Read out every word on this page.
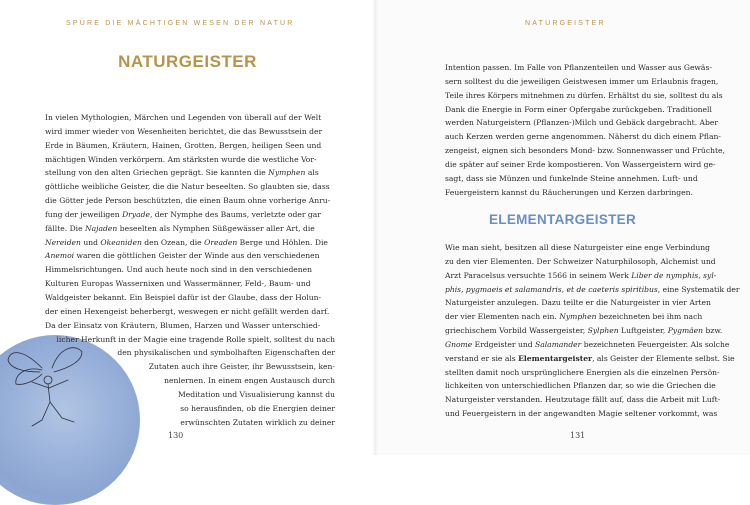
SPÜRE DIE MÄCHTIGEN WESEN DER NATUR
NATURGEISTER
In vielen Mythologien, Märchen und Legenden von überall auf der Welt
wird immer wieder von Wesenheiten berichtet, die das Bewusstsein der
Erde in Bäumen, Kräutern, Hainen, Grotten, Bergen, heiligen Seen und
mächtigen Winden verkörpern. Am stärksten wurde die westliche Vor-
stellung von den alten Griechen geprägt. Sie kannten die Nymphen als
göttliche weibliche Geister, die die Natur beseelten. So glaubten sie, dass
die Götter jede Person beschützten, die einen Baum ohne vorherige Anru-
fung der jeweiligen Dryade, der Nymphe des Baums, verletzte oder gar
fällte. Die Najaden beseelten als Nymphen Süßgewässer aller Art, die
Nereiden und Okeaniden den Ozean, die Oreaden Berge und Höhlen. Die
Anemoi waren die göttlichen Geister der Winde aus den verschiedenen
Himmelsrichtungen. Und auch heute noch sind in den verschiedenen
Kulturen Europas Wassernixen und Wassermänner, Feld-, Baum- und
Waldgeister bekannt. Ein Beispiel dafür ist der Glaube, dass der Holun-
der einen Hexengeist beherbergt, weswegen er nicht gefällt werden darf.
Da der Einsatz von Kräutern, Blumen, Harzen und Wasser unterschied-

licher Herkunft in der Magie eine tragende Rolle spielt, solltest du nach
den physikalischen und symbolhaften Eigenschaften der
Zutaten auch ihre Geister, ihr Bewusstsein, ken-
nenlernen. In einem engen Austausch durch
Meditation und Visualisierung kannst du
so herausfinden, ob die Energien deiner
erwünschten Zutaten wirklich zu deiner
130
NATURGEISTER
Intention passen. Im Falle von Pflanzenteilen und Wasser aus Gewäs-
sern solltest du die jeweiligen Geistwesen immer um Erlaubnis fragen,
Teile ihres Körpers mitnehmen zu dürfen. Erhältst du sie, solltest du als
Dank die Energie in Form einer Opfergabe zurückgeben. Traditionell
werden Naturgeistern (Pflanzen-)Milch und Gebäck dargebracht. Aber
auch Kerzen werden gerne angenommen. Näherst du dich einem Pflan-
zengeist, eignen sich besonders Mond- bzw. Sonnenwasser und Früchte,
die später auf seiner Erde kompostieren. Von Wassergeistern wird ge-
sagt, dass sie Münzen und funkelnde Steine annehmen. Luft- und
Feuergeistern kannst du Räucherungen und Kerzen darbringen.
ELEMENTARGEISTER
Wie man sieht, besitzen all diese Naturgeister eine enge Verbindung
zu den vier Elementen. Der Schweizer Naturphilosoph, Alchemist und
Arzt Paracelsus versuchte 1566 in seinem Werk Liber de nymphis, syl-
phis, pygmaeis et salamandris, et de caeteris spiritibus, eine Systematik der
Naturgeister anzulegen. Dazu teilte er die Naturgeister in vier Arten
der vier Elementen nach ein. Nymphen bezeichneten bei ihm nach
griechischem Vorbild Wassergeister, Sylphen Luftgeister, Pygmäen bzw.
Gnome Erdgeister und Salamander bezeichneten Feuergeister. Als solche
verstand er sie als Elementargeister, als Geister der Elemente selbst. Sie
stellten damit noch ursprünglichere Energien als die einzelnen Persön-
lichkeiten von unterschiedlichen Pflanzen dar, so wie die Griechen die
Naturgeister verstanden. Heutzutage fällt auf, dass die Arbeit mit Luft-
und Feuergeistern in der angewandten Magie seltener vorkommt, was
131
